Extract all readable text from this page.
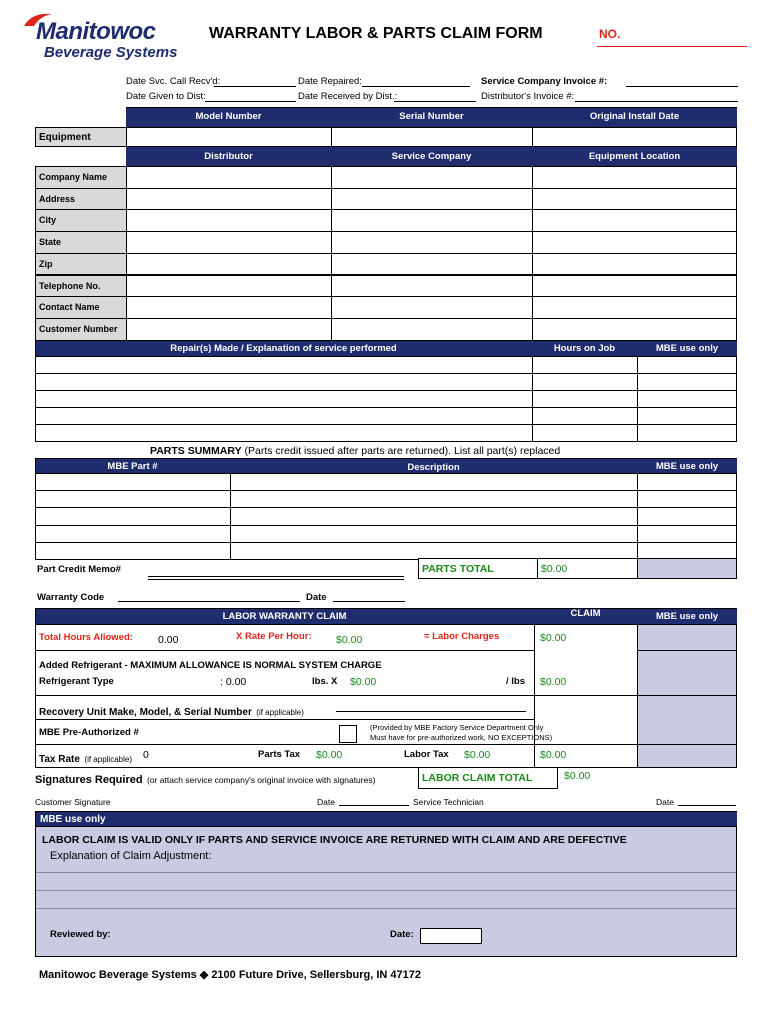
Manitowoc
Beverage Systems
WARRANTY LABOR & PARTS CLAIM FORM	NO.
Date Svc. Call Recv'd:
Date Given to Dist:
Date Repaired:
Date Received by Dist.:
Service Company Invoice #:
Distributor's Invoice #:
Model Number	Serial Number	Original Install Date
Equipment
Distributor	Service Company	Equipment Location
Company Name
Address
City
State
Zip
Telephone No.
Contact Name
Customer Number
Repair(s) Made / Explanation of service performed	Hours on Job	MBE use only
PARTS SUMMARY (Parts credit issued after parts are returned). List all part(s) replaced
MBE Part #	Description	MBE use only
Part Credit Memo#	PARTS TOTAL	$0.00
Warranty Code	Date
LABOR WARRANTY CLAIM	CLAIM	MBE use only
Total Hours Allowed: 0.00	X Rate Per Hour: $0.00	= Labor Charges	$0.00
Added Refrigerant - MAXIMUM ALLOWANCE IS NORMAL SYSTEM CHARGE
Refrigerant Type	: 0.00	lbs. X $0.00	/ lbs $0.00
Recovery Unit Make, Model, & Serial Number (if applicable)
MBE Pre-Authorized #	(Provided by MBE Factory Service Department Only
Must have for pre-authorized work, NO EXCEPTIONS)
Tax Rate (if applicable) 0	Parts Tax $0.00	Labor Tax $0.00	$0.00
Signatures Required (or attach service company's original invoice with signatures)	LABOR CLAIM TOTAL	$0.00
Customer Signature	Date	Service Technician	Date
MBE use only
LABOR CLAIM IS VALID ONLY IF PARTS AND SERVICE INVOICE ARE RETURNED WITH CLAIM AND ARE DEFECTIVE
Explanation of Claim Adjustment:
Reviewed by:	Date:
Manitowoc Beverage Systems ◆ 2100 Future Drive, Sellersburg, IN 47172
